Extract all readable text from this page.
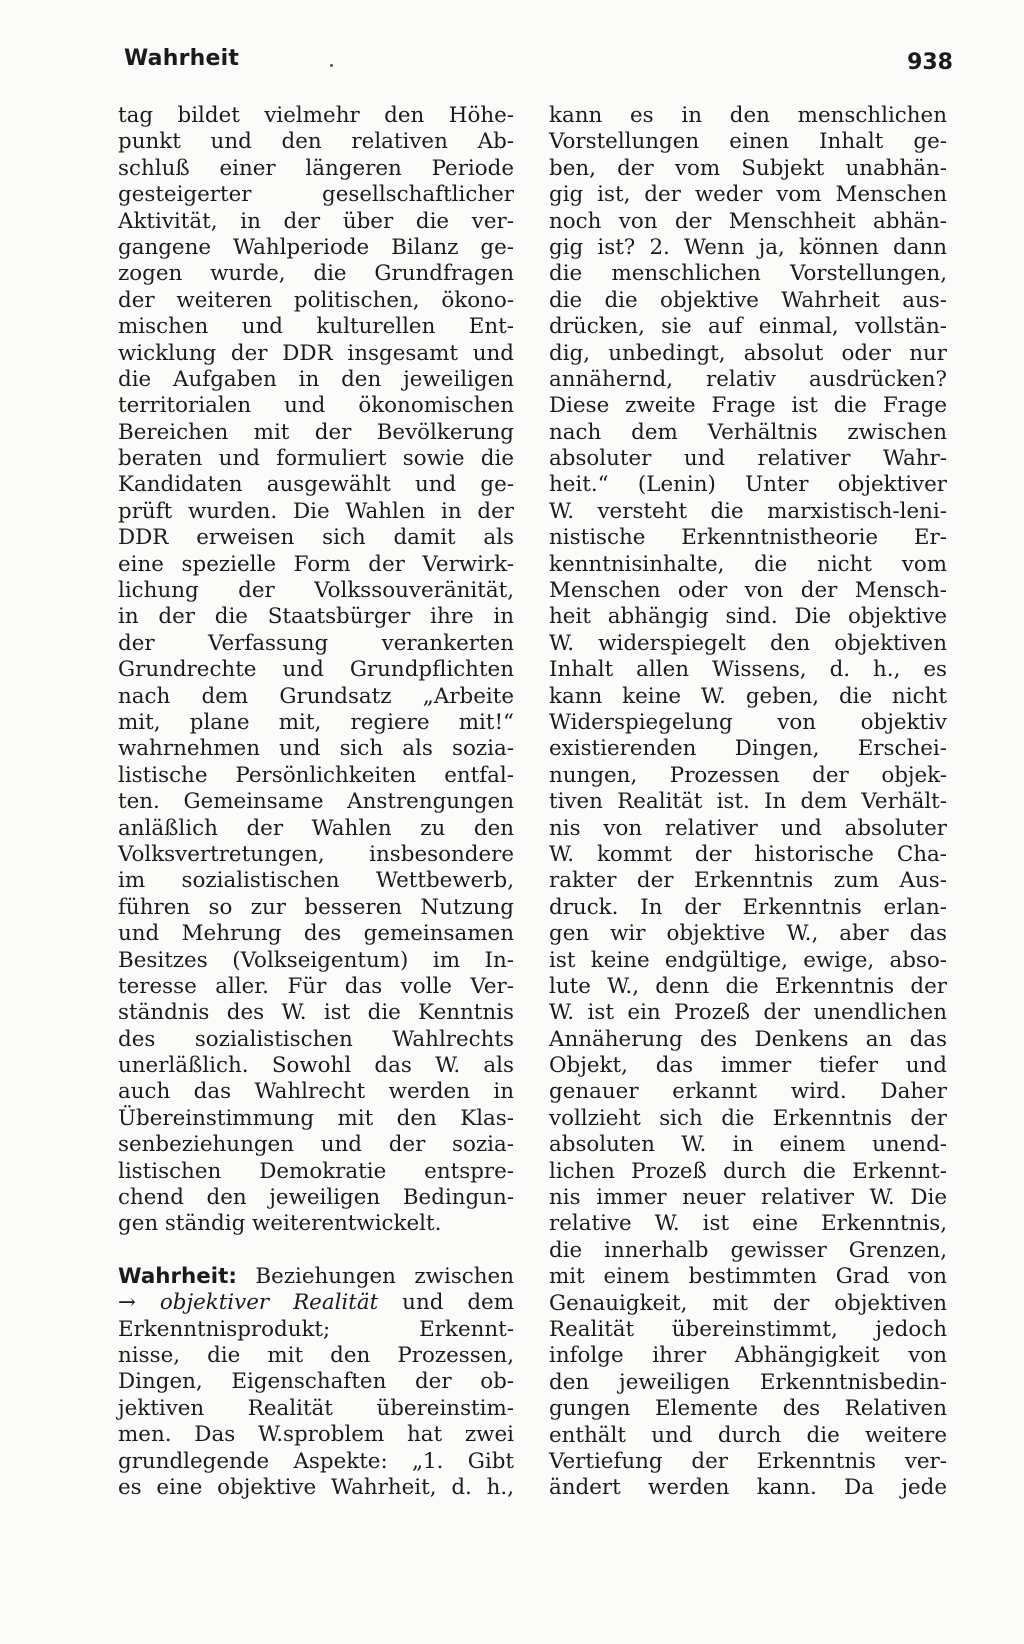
Wahrheit	938
tag bildet vielmehr den Höhe-
punkt und den relativen Ab-
schluß einer längeren Periode
gesteigerter gesellschaftlicher
Aktivität, in der über die ver-
gangene Wahlperiode Bilanz ge-
zogen wurde, die Grundfragen
der weiteren politischen, ökono-
mischen und kulturellen Ent-
wicklung der DDR insgesamt und
die Aufgaben in den jeweiligen
territorialen und ökonomischen
Bereichen mit der Bevölkerung
beraten und formuliert sowie die
Kandidaten ausgewählt und ge-
prüft wurden. Die Wahlen in der
DDR erweisen sich damit als
eine spezielle Form der Verwirk-
lichung der Volkssouveränität,
in der die Staatsbürger ihre in
der Verfassung verankerten
Grundrechte und Grundpflichten
nach dem Grundsatz „Arbeite
mit, plane mit, regiere mit!“
wahrnehmen und sich als sozia-
listische Persönlichkeiten entfal-
ten. Gemeinsame Anstrengungen
anläßlich der Wahlen zu den
Volksvertretungen, insbesondere
im sozialistischen Wettbewerb,
führen so zur besseren Nutzung
und Mehrung des gemeinsamen
Besitzes (Volkseigentum) im In-
teresse aller. Für das volle Ver-
ständnis des W. ist die Kenntnis
des sozialistischen Wahlrechts
unerläßlich. Sowohl das W. als
auch das Wahlrecht werden in
Übereinstimmung mit den Klas-
senbeziehungen und der sozia-
listischen Demokratie entspre-
chend den jeweiligen Bedingun-
gen ständig weiterentwickelt.
Wahrheit: Beziehungen zwischen
→ objektiver Realität und dem
Erkenntnisprodukt; Erkennt-
nisse, die mit den Prozessen,
Dingen, Eigenschaften der ob-
jektiven Realität übereinstim-
men. Das W.sproblem hat zwei
grundlegende Aspekte: „1. Gibt
es eine objektive Wahrheit, d. h.,
kann es in den menschlichen
Vorstellungen einen Inhalt ge-
ben, der vom Subjekt unabhän-
gig ist, der weder vom Menschen
noch von der Menschheit abhän-
gig ist? 2. Wenn ja, können dann
die menschlichen Vorstellungen,
die die objektive Wahrheit aus-
drücken, sie auf einmal, vollstän-
dig, unbedingt, absolut oder nur
annähernd, relativ ausdrücken?
Diese zweite Frage ist die Frage
nach dem Verhältnis zwischen
absoluter und relativer Wahr-
heit.“ (Lenin) Unter objektiver
W. versteht die marxistisch-leni-
nistische Erkenntnistheorie Er-
kenntnisinhalte, die nicht vom
Menschen oder von der Mensch-
heit abhängig sind. Die objektive
W. widerspiegelt den objektiven
Inhalt allen Wissens, d. h., es
kann keine W. geben, die nicht
Widerspiegelung von objektiv
existierenden Dingen, Erschei-
nungen, Prozessen der objek-
tiven Realität ist. In dem Verhält-
nis von relativer und absoluter
W. kommt der historische Cha-
rakter der Erkenntnis zum Aus-
druck. In der Erkenntnis erlan-
gen wir objektive W., aber das
ist keine endgültige, ewige, abso-
lute W., denn die Erkenntnis der
W. ist ein Prozeß der unendlichen
Annäherung des Denkens an das
Objekt, das immer tiefer und
genauer erkannt wird. Daher
vollzieht sich die Erkenntnis der
absoluten W. in einem unend-
lichen Prozeß durch die Erkennt-
nis immer neuer relativer W. Die
relative W. ist eine Erkenntnis,
die innerhalb gewisser Grenzen,
mit einem bestimmten Grad von
Genauigkeit, mit der objektiven
Realität übereinstimmt, jedoch
infolge ihrer Abhängigkeit von
den jeweiligen Erkenntnisbedin-
gungen Elemente des Relativen
enthält und durch die weitere
Vertiefung der Erkenntnis ver-
ändert werden kann. Da jede
